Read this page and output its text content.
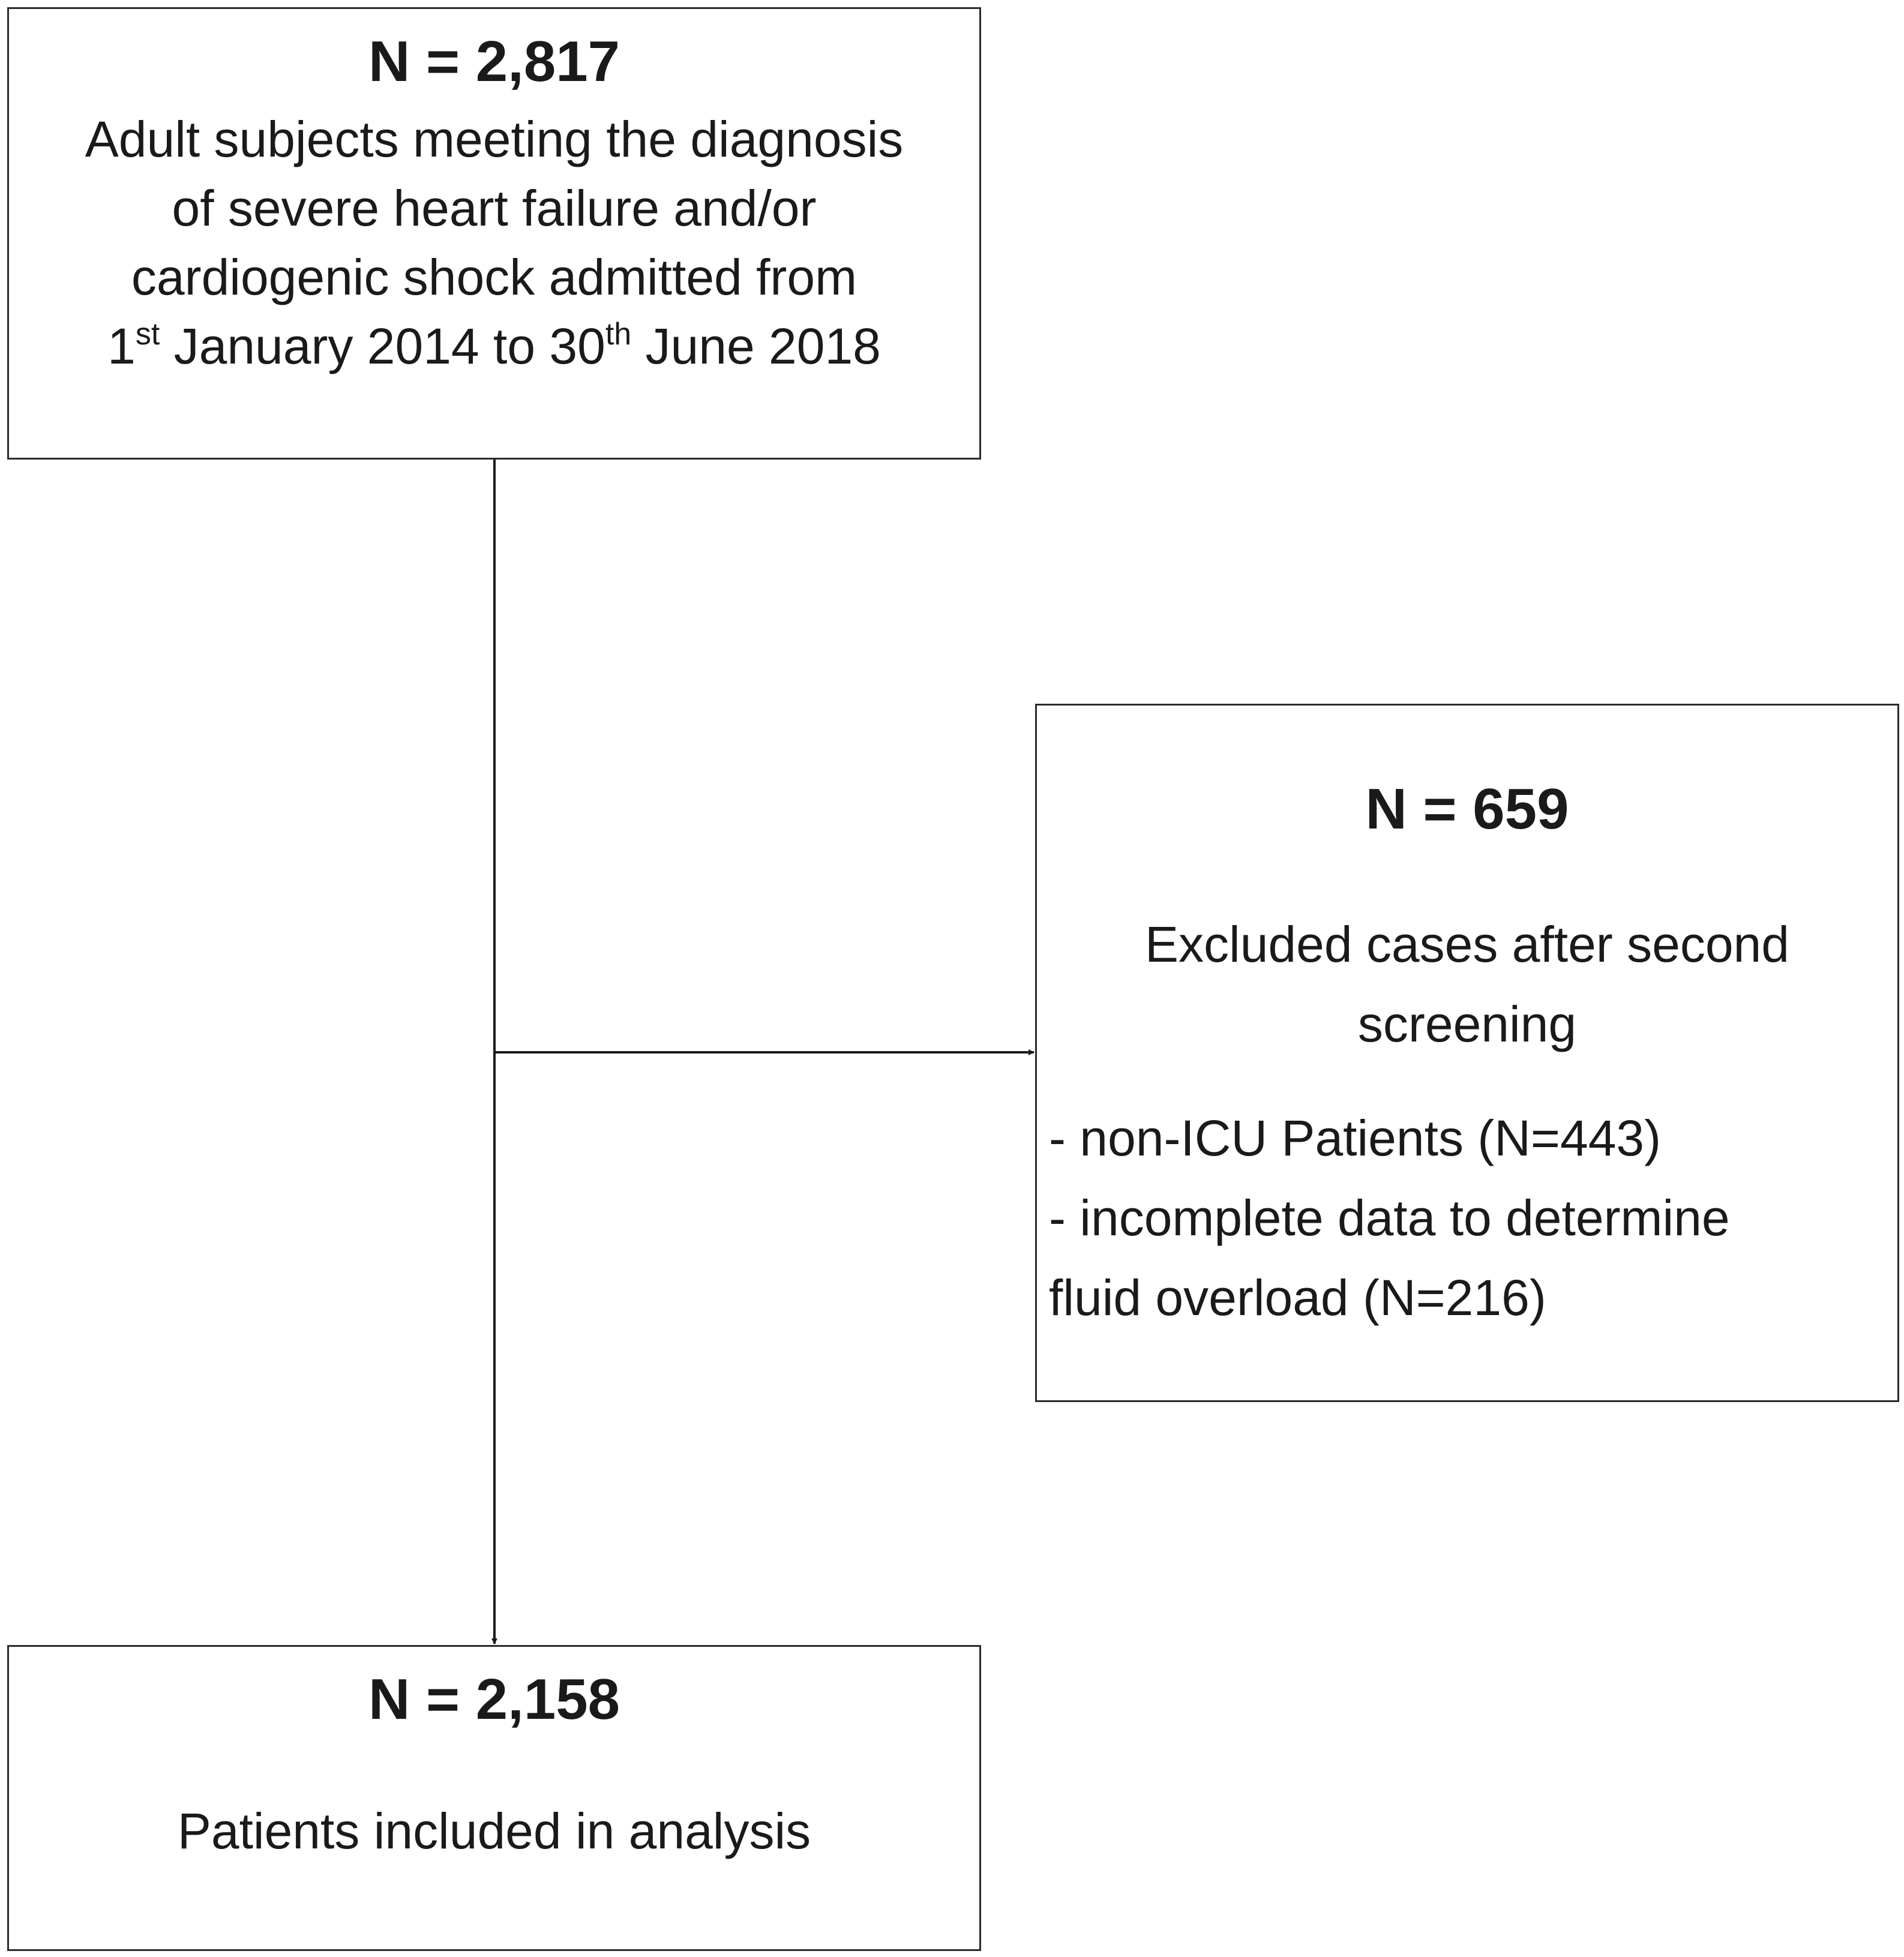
N = 2,817

Adult subjects meeting the diagnosis
of severe heart failure and/or
cardiogenic shock admitted from
1st January 2014 to 30th June 2018

N = 659

Excluded cases after second
screening
- non-ICU Patients (N=443)
- incomplete data to determine
fluid overload (N=216)

N = 2,158

Patients included in analysis
